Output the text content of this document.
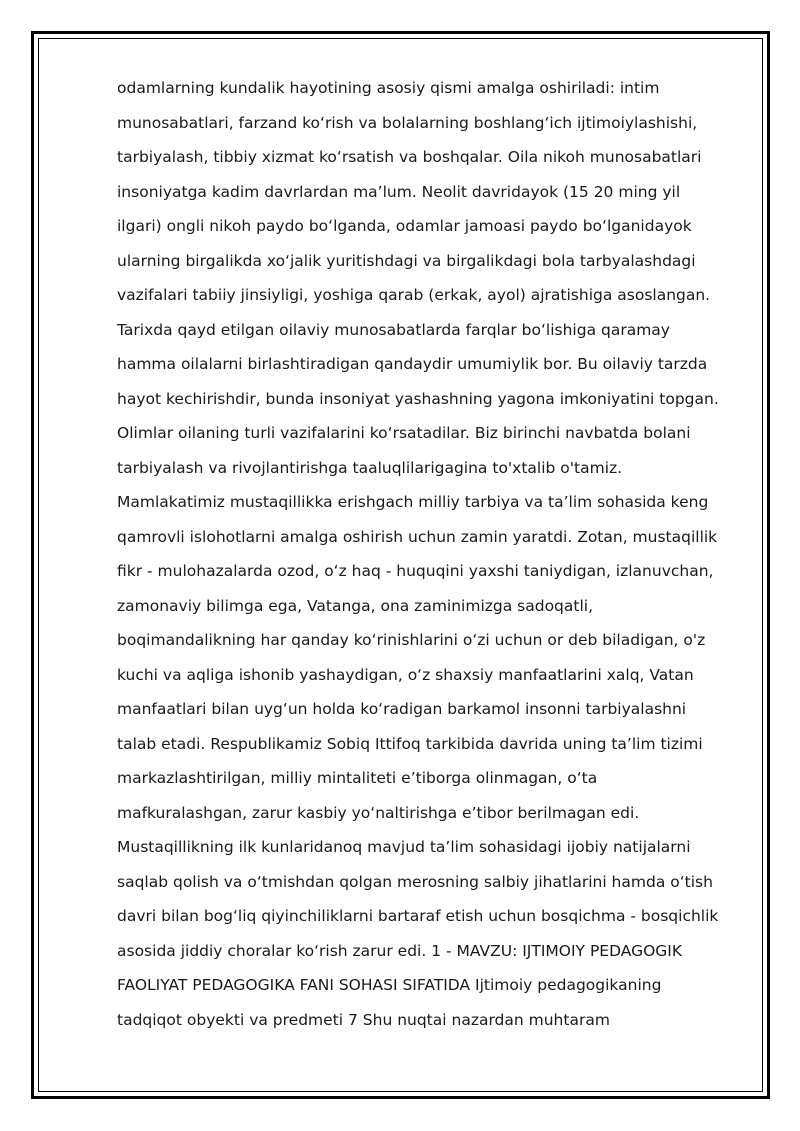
odamlarning kundalik hayotining asosiy qismi amalga oshiriladi: intim
munosabatlari, farzand koʻrish va bolalarning boshlangʻich ijtimoiylashishi,
tarbiyalash, tibbiy xizmat koʻrsatish va boshqalar. Oila nikoh munosabatlari
insoniyatga kadim davrlardan maʼlum. Neolit davridayok (15 20 ming yil
ilgari) ongli nikoh paydo boʻlganda, odamlar jamoasi paydo boʻlganidayok
ularning birgalikda xoʻjalik yuritishdagi va birgalikdagi bola tarbyalashdagi
vazifalari tabiiy jinsiyligi, yoshiga qarab (erkak, ayol) ajratishiga asoslangan.
Tarixda qayd etilgan oilaviy munosabatlarda farqlar boʻlishiga qaramay
hamma oilalarni birlashtiradigan qandaydir umumiylik bor. Bu oilaviy tarzda
hayot kechirishdir, bunda insoniyat yashashning yagona imkoniyatini topgan.
Olimlar oilaning turli vazifalarini koʻrsatadilar. Biz birinchi navbatda bolani
tarbiyalash va rivojlantirishga taaluqlilarigagina to'xtalib o'tamiz.
Mamlakatimiz mustaqillikka erishgach milliy tarbiya va taʼlim sohasida keng
qamrovli islohotlarni amalga oshirish uchun zamin yaratdi. Zotan, mustaqillik
fikr - mulohazalarda ozod, oʻz haq - huquqini yaxshi taniydigan, izlanuvchan,
zamonaviy bilimga ega, Vatanga, ona zaminimizga sadoqatli,
boqimandalikning har qanday koʻrinishlarini oʻzi uchun or deb biladigan, o'z
kuchi va aqliga ishonib yashaydigan, oʻz shaxsiy manfaatlarini xalq, Vatan
manfaatlari bilan uygʻun holda koʻradigan barkamol insonni tarbiyalashni
talab etadi. Respublikamiz Sobiq Ittifoq tarkibida davrida uning taʼlim tizimi
markazlashtirilgan, milliy mintaliteti eʼtiborga olinmagan, oʻta
mafkuralashgan, zarur kasbiy yoʻnaltirishga eʼtibor berilmagan edi.
Mustaqillikning ilk kunlaridanoq mavjud taʼlim sohasidagi ijobiy natijalarni
saqlab qolish va oʻtmishdan qolgan merosning salbiy jihatlarini hamda oʻtish
davri bilan bogʻliq qiyinchiliklarni bartaraf etish uchun bosqichma - bosqichlik
asosida jiddiy choralar koʻrish zarur edi. 1 - MAVZU: IJTIMOIY PEDAGOGIK
FAOLIYAT PEDAGOGIKA FANI SOHASI SIFATIDA Ijtimoiy pedagogikaning
tadqiqot obyekti va predmeti 7 Shu nuqtai nazardan muhtaram
